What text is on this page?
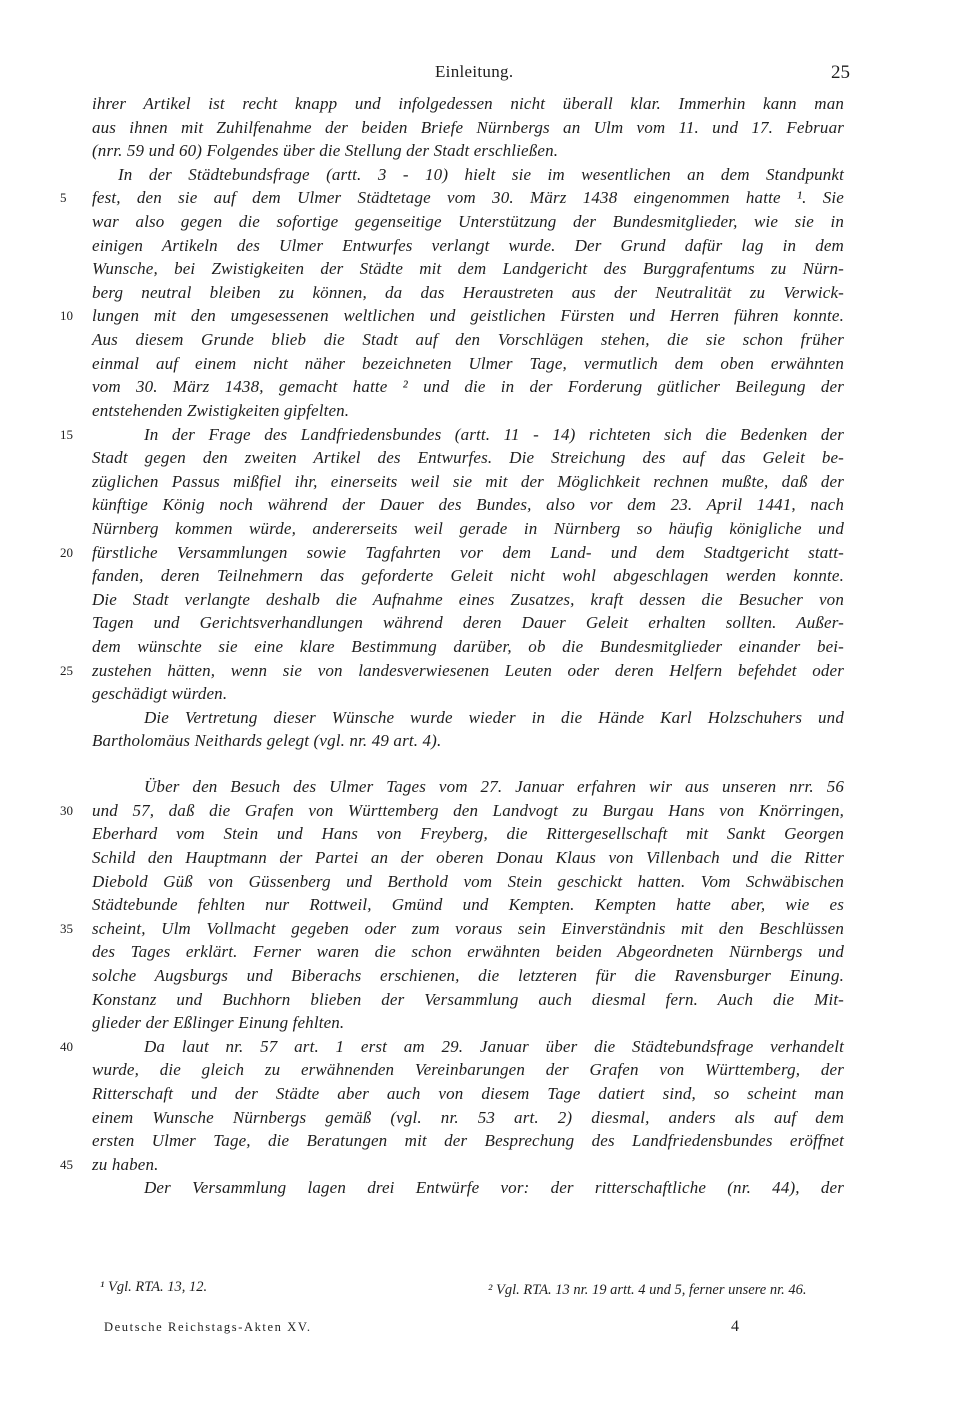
Einleitung.	25
ihrer Artikel ist recht knapp und infolgedessen nicht überall klar. Immerhin kann man
aus ihnen mit Zuhilfenahme der beiden Briefe Nürnbergs an Ulm vom 11. und 17. Februar
(nrr. 59 und 60) Folgendes über die Stellung der Stadt erschließen.
In der Städtebundsfrage (artt. 3 - 10) hielt sie im wesentlichen an dem Standpunkt
5	fest, den sie auf dem Ulmer Städtetage vom 30. März 1438 eingenommen hatte ¹. Sie
war also gegen die sofortige gegenseitige Unterstützung der Bundesmitglieder, wie sie in
einigen Artikeln des Ulmer Entwurfes verlangt wurde. Der Grund dafür lag in dem
Wunsche, bei Zwistigkeiten der Städte mit dem Landgericht des Burggrafentums zu Nürn-
berg neutral bleiben zu können, da das Heraustreten aus der Neutralität zu Verwick-
10	lungen mit den umgesessenen weltlichen und geistlichen Fürsten und Herren führen konnte.
Aus diesem Grunde blieb die Stadt auf den Vorschlägen stehen, die sie schon früher
einmal auf einem nicht näher bezeichneten Ulmer Tage, vermutlich dem oben erwähnten
vom 30. März 1438, gemacht hatte ² und die in der Forderung gütlicher Beilegung der
entstehenden Zwistigkeiten gipfelten.
15	In der Frage des Landfriedensbundes (artt. 11 - 14) richteten sich die Bedenken der
Stadt gegen den zweiten Artikel des Entwurfes. Die Streichung des auf das Geleit be-
züglichen Passus mißfiel ihr, einerseits weil sie mit der Möglichkeit rechnen mußte, daß der
künftige König noch während der Dauer des Bundes, also vor dem 23. April 1441, nach
Nürnberg kommen würde, andererseits weil gerade in Nürnberg so häufig königliche und
20	fürstliche Versammlungen sowie Tagfahrten vor dem Land- und dem Stadtgericht statt-
fanden, deren Teilnehmern das geforderte Geleit nicht wohl abgeschlagen werden konnte.
Die Stadt verlangte deshalb die Aufnahme eines Zusatzes, kraft dessen die Besucher von
Tagen und Gerichtsverhandlungen während deren Dauer Geleit erhalten sollten. Außer-
dem wünschte sie eine klare Bestimmung darüber, ob die Bundesmitglieder einander bei-
25	zustehen hätten, wenn sie von landesverwiesenen Leuten oder deren Helfern befehdet oder
geschädigt würden.
Die Vertretung dieser Wünsche wurde wieder in die Hände Karl Holzschuhers und
Bartholomäus Neithards gelegt (vgl. nr. 49 art. 4).
Über den Besuch des Ulmer Tages vom 27. Januar erfahren wir aus unseren nrr. 56
30	und 57, daß die Grafen von Württemberg den Landvogt zu Burgau Hans von Knörringen,
Eberhard vom Stein und Hans von Freyberg, die Rittergesellschaft mit Sankt Georgen
Schild den Hauptmann der Partei an der oberen Donau Klaus von Villenbach und die Ritter
Diebold Güß von Güssenberg und Berthold vom Stein geschickt hatten. Vom Schwäbischen
Städtebunde fehlten nur Rottweil, Gmünd und Kempten. Kempten hatte aber, wie es
35	scheint, Ulm Vollmacht gegeben oder zum voraus sein Einverständnis mit den Beschlüssen
des Tages erklärt. Ferner waren die schon erwähnten beiden Abgeordneten Nürnbergs und
solche Augsburgs und Biberachs erschienen, die letzteren für die Ravensburger Einung.
Konstanz und Buchhorn blieben der Versammlung auch diesmal fern. Auch die Mit-
glieder der Eßlinger Einung fehlten.
40	Da laut nr. 57 art. 1 erst am 29. Januar über die Städtebundsfrage verhandelt
wurde, die gleich zu erwähnenden Vereinbarungen der Grafen von Württemberg, der
Ritterschaft und der Städte aber auch von diesem Tage datiert sind, so scheint man
einem Wunsche Nürnbergs gemäß (vgl. nr. 53 art. 2) diesmal, anders als auf dem
ersten Ulmer Tage, die Beratungen mit der Besprechung des Landfriedensbundes eröffnet
45	zu haben.
Der Versammlung lagen drei Entwürfe vor: der ritterschaftliche (nr. 44), der
¹ Vgl. RTA. 13, 12.	² Vgl. RTA. 13 nr. 19 artt. 4 und 5, ferner unsere nr. 46.
Deutsche Reichstags-Akten XV.	4
